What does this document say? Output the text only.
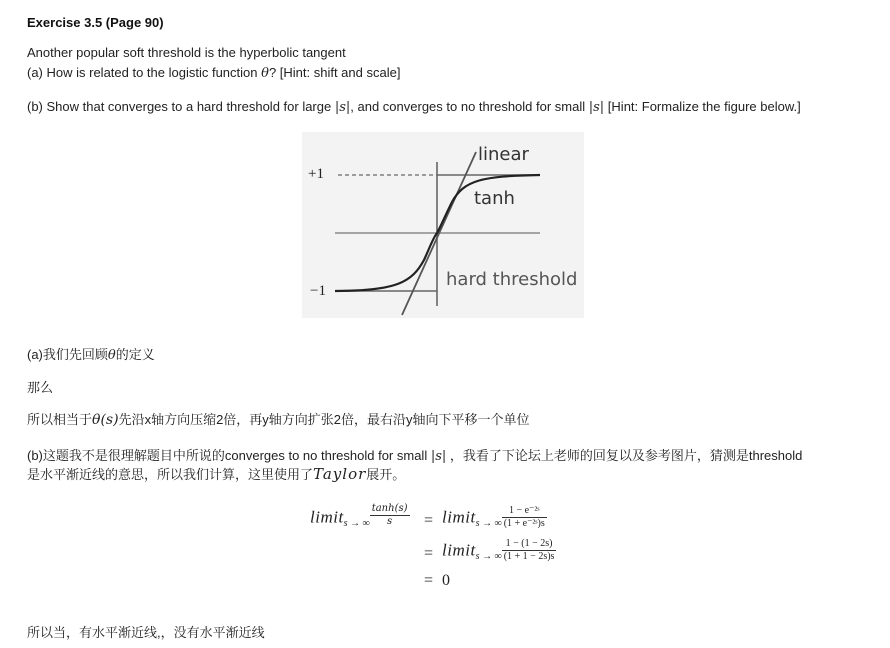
Exercise 3.5 (Page 90)
Another popular soft threshold is the hyperbolic tangent
(a) How is related to the logistic function θ? [Hint: shift and scale]
(b) Show that converges to a hard threshold for large |s|, and converges to no threshold for small |s| [Hint: Formalize the figure below.]
linear
tanh
hard threshold
+1
−1
(a)我们先回顾θ的定义
那么
所以相当于θ(s)先沿x轴方向压缩2倍，再y轴方向扩张2倍，最右沿y轴向下平移一个单位
(b)这题我不是很理解题目中所说的converges to no threshold for small |s| ，我看了下论坛上老师的回复以及参考图片，猜测是threshold
是水平渐近线的意思，所以我们计算，这里使用了Taylor展开。
limit$_{s \to \infty}$ $\frac{\tanh(s)}{s}$ = limit$_{s \to \infty}$ $\frac{\text{1 − e⁻²ˢ}}{\text{(1 + e⁻²ˢ)s}}$
= limit$_{s \to \infty}$ $\frac{1 - (1 - 2s)}{(1 + 1 - 2s)s}$
= 0
所以当，有水平渐近线,，没有水平渐近线
